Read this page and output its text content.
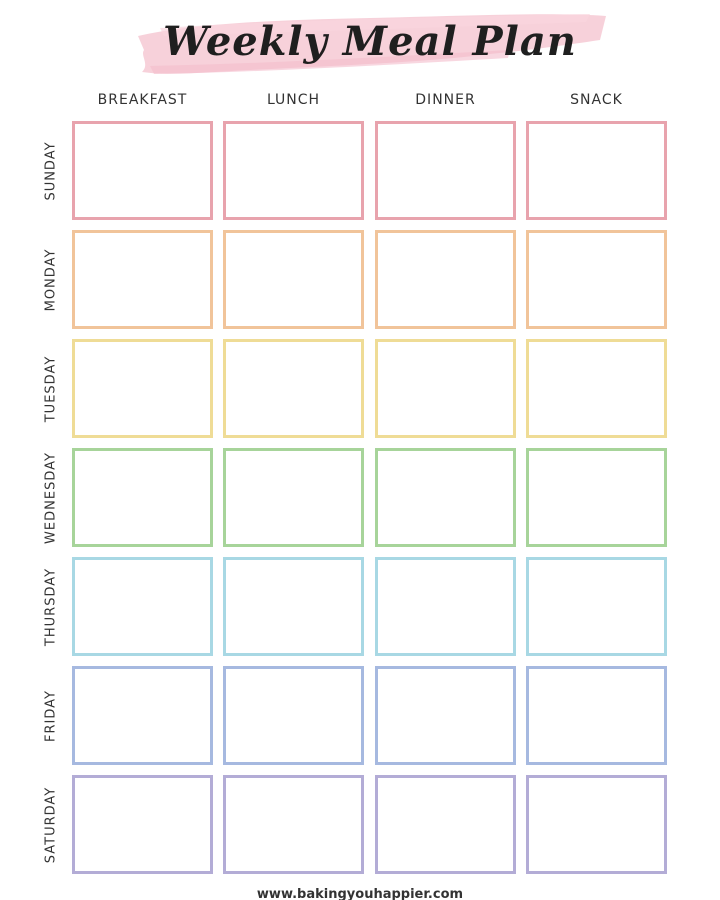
Weekly Meal Plan
BREAKFAST	LUNCH	DINNER	SNACK
SUNDAY
MONDAY
TUESDAY
WEDNESDAY
THURSDAY
FRIDAY
SATURDAY
www.bakingyouhappier.com
